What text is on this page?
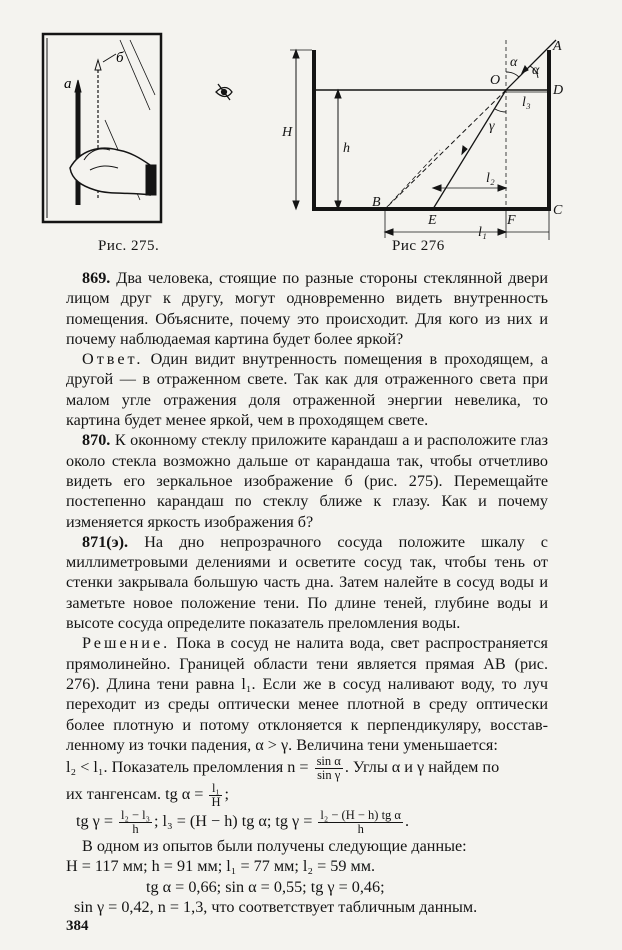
a
б
A
D
C
O
B
E	F
H
h
α
α
γ
l₁
l₂
l₃
Рис. 275.	Рис 276

869. Два человека, стоящие по разные стороны стеклянной двери лицом друг к другу, могут одновременно видеть внутренность помещения. Объясните, почему это происходит. Для кого из них и почему наблюдаемая картина будет более яркой?

Ответ. Один видит внутренность помещения в проходящем, а другой — в отраженном свете. Так как для отраженного света при малом угле отражения доля отраженной энергии невелика, то картина будет менее яркой, чем в проходящем свете.

870. К оконному стеклу приложите карандаш a и расположите глаз около стекла возможно дальше от карандаша так, чтобы отчетливо видеть его зеркальное изображение б (рис. 275). Перемещайте постепенно карандаш по стеклу ближе к глазу. Как и почему изменяется яркость изображения б?

871(э). На дно непрозрачного сосуда положите шкалу с миллиметровыми делениями и осветите сосуд так, чтобы тень от стенки закрывала большую часть дна. Затем налейте в сосуд воды и заметьте новое положение тени. По длине теней, глубине воды и высоте сосуда определите показатель преломления воды.

Решение. Пока в сосуд не налита вода, свет распространяется прямолинейно. Границей области тени является прямая AB (рис. 276). Длина тени равна l₁. Если же в сосуд наливают воду, то луч переходит из среды оптически менее плотной в среду оптически более плотную и потому отклоняется к перпендикуляру, восставленному из точки падения, α > γ. Величина тени уменьшается:

l₂ < l₁. Показатель преломления $n = \frac{\text{sin α}}{\text{sin γ}}$ . Углы α и γ найдем по

их тангенсам. tg $\alpha = \frac{\text{l₁}}{H}$ ;

tg $\gamma = \frac{\text{l₂ − l₃}}{h}$ ; l₃ = (H − h) tg α; tg $\gamma = \frac{\text{l₂ − (H − h) tg α}}{h}$ .

В одном из опытов были получены следующие данные:

H = 117 мм; h = 91 мм; l₁ = 77 мм; l₂ = 59 мм.

tg α = 0,66; sin α = 0,55; tg γ = 0,46;

sin γ = 0,42, n = 1,3, что соответствует табличным данным.

384
